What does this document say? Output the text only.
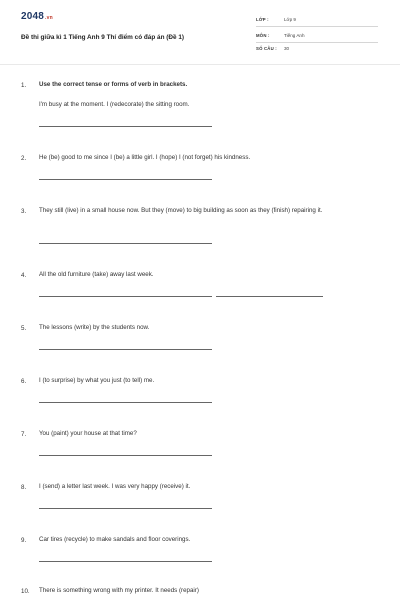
2048.vn
Đề thi giữa kì 1 Tiếng Anh 9 Thí điểm có đáp án (Đề 1)
LỚP :	Lớp 9
MÔN :	Tiếng Anh
SỐ CÂU : 30
1. Use the correct tense or forms of verb in brackets.
I'm busy at the moment. I (redecorate) the sitting room.
2. He (be) good to me since I (be) a little girl. I (hope) I (not forget) his kindness.
3. They still (live) in a small house now. But they (move) to big building as soon as they (finish) repairing it.
4. All the old furniture (take) away last week.
5. The lessons (write) by the students now.
6. I (to surprise) by what you just (to tell) me.
7. You (paint) your house at that time?
8. I (send) a letter last week. I was very happy (receive) it.
9. Car tires (recycle) to make sandals and floor coverings.
10. There is something wrong with my printer. It needs (repair)
